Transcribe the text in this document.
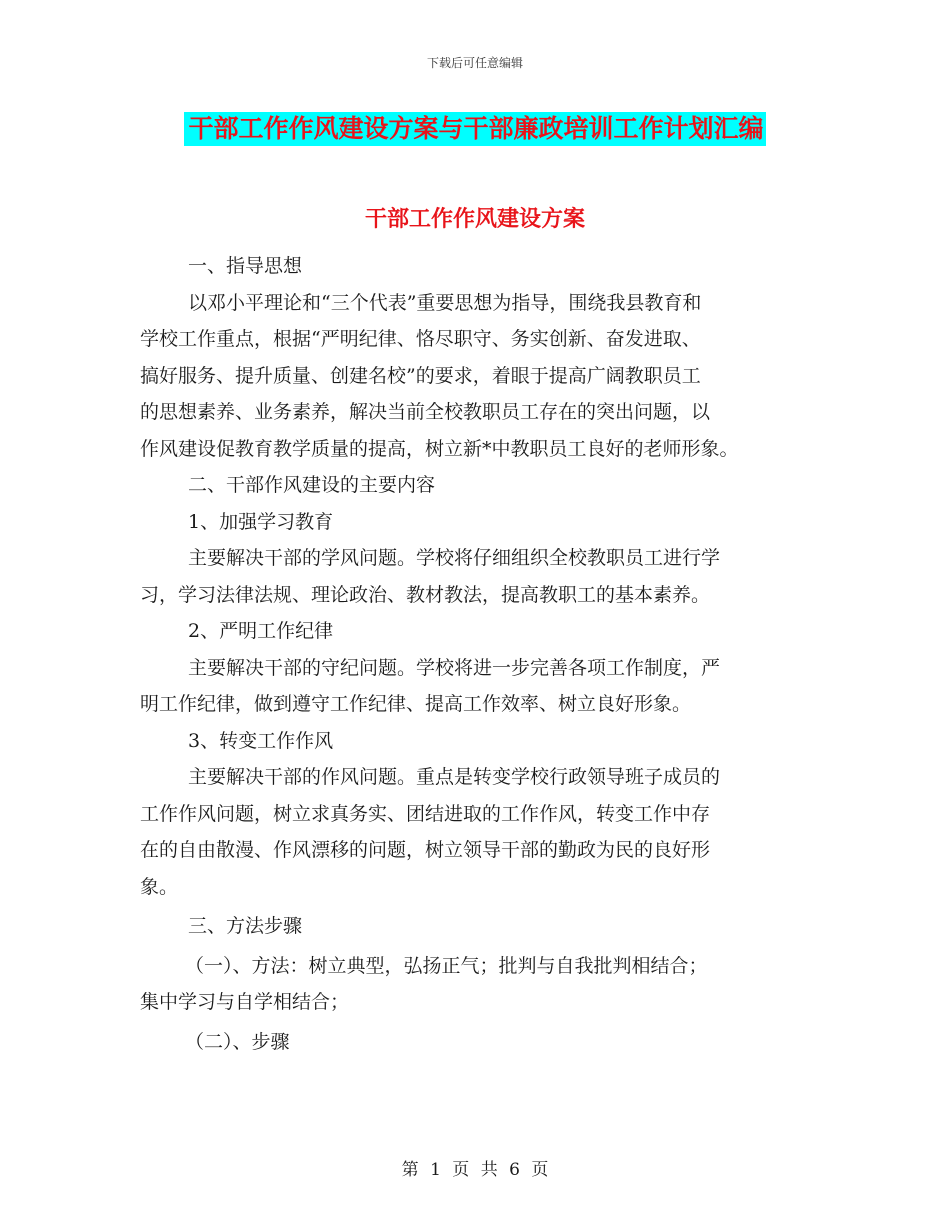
下载后可任意编辑
干部工作作风建设方案与干部廉政培训工作计划汇编
干部工作作风建设方案
一、指导思想
以邓小平理论和“三个代表”重要思想为指导，围绕我县教育和
学校工作重点，根据“严明纪律、恪尽职守、务实创新、奋发进取、
搞好服务、提升质量、创建名校”的要求，着眼于提高广阔教职员工
的思想素养、业务素养，解决当前全校教职员工存在的突出问题，以
作风建设促教育教学质量的提高，树立新*中教职员工良好的老师形象。
二、干部作风建设的主要内容
1、加强学习教育
主要解决干部的学风问题。学校将仔细组织全校教职员工进行学
习，学习法律法规、理论政治、教材教法，提高教职工的基本素养。
2、严明工作纪律
主要解决干部的守纪问题。学校将进一步完善各项工作制度，严
明工作纪律，做到遵守工作纪律、提高工作效率、树立良好形象。
3、转变工作作风
主要解决干部的作风问题。重点是转变学校行政领导班子成员的
工作作风问题，树立求真务实、团结进取的工作作风，转变工作中存
在的自由散漫、作风漂移的问题，树立领导干部的勤政为民的良好形
象。
三、方法步骤
（一）、方法：树立典型，弘扬正气；批判与自我批判相结合；
集中学习与自学相结合；
（二）、步骤
第 1 页 共 6 页
